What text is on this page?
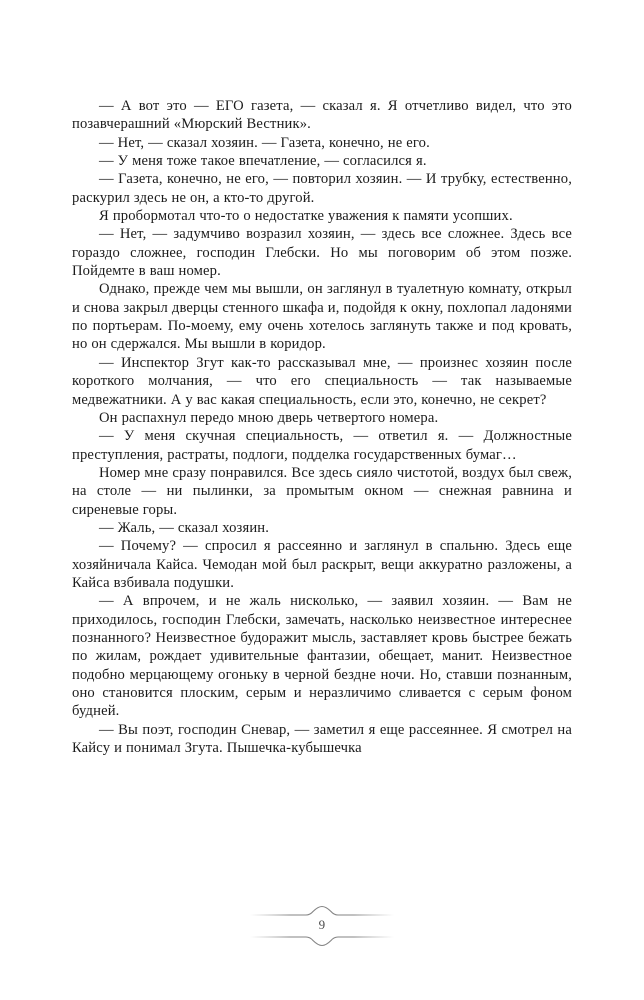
— А вот это — ЕГО газета, — сказал я. Я отчетливо видел, что это позавчерашний «Мюрский Вестник».

— Нет, — сказал хозяин. — Газета, конечно, не его.

— У меня тоже такое впечатление, — согласился я.

— Газета, конечно, не его, — повторил хозяин. — И трубку, естественно, раскурил здесь не он, а кто-то другой.

Я пробормотал что-то о недостатке уважения к памяти усопших.

— Нет, — задумчиво возразил хозяин, — здесь все сложнее. Здесь все гораздо сложнее, господин Глебски. Но мы поговорим об этом позже. Пойдемте в ваш номер.

Однако, прежде чем мы вышли, он заглянул в туалетную комнату, открыл и снова закрыл дверцы стенного шкафа и, подойдя к окну, похлопал ладонями по портьерам. По-моему, ему очень хотелось заглянуть также и под кровать, но он сдержался. Мы вышли в коридор.

— Инспектор Згут как-то рассказывал мне, — произнес хозяин после короткого молчания, — что его специальность — так называемые медвежатники. А у вас какая специальность, если это, конечно, не секрет?

Он распахнул передо мною дверь четвертого номера.

— У меня скучная специальность, — ответил я. — Должностные преступления, растраты, подлоги, подделка государственных бумаг…

Номер мне сразу понравился. Все здесь сияло чистотой, воздух был свеж, на столе — ни пылинки, за промытым окном — снежная равнина и сиреневые горы.

— Жаль, — сказал хозяин.

— Почему? — спросил я рассеянно и заглянул в спальню. Здесь еще хозяйничала Кайса. Чемодан мой был раскрыт, вещи аккуратно разложены, а Кайса взбивала подушки.

— А впрочем, и не жаль нисколько, — заявил хозяин. — Вам не приходилось, господин Глебски, замечать, насколько неизвестное интереснее познанного? Неизвестное будоражит мысль, заставляет кровь быстрее бежать по жилам, рождает удивительные фантазии, обещает, манит. Неизвестное подобно мерцающему огоньку в черной бездне ночи. Но, ставши познанным, оно становится плоским, серым и неразличимо сливается с серым фоном будней.

— Вы поэт, господин Сневар, — заметил я еще рассеяннее. Я смотрел на Кайсу и понимал Згута. Пышечка-кубышечка

9
